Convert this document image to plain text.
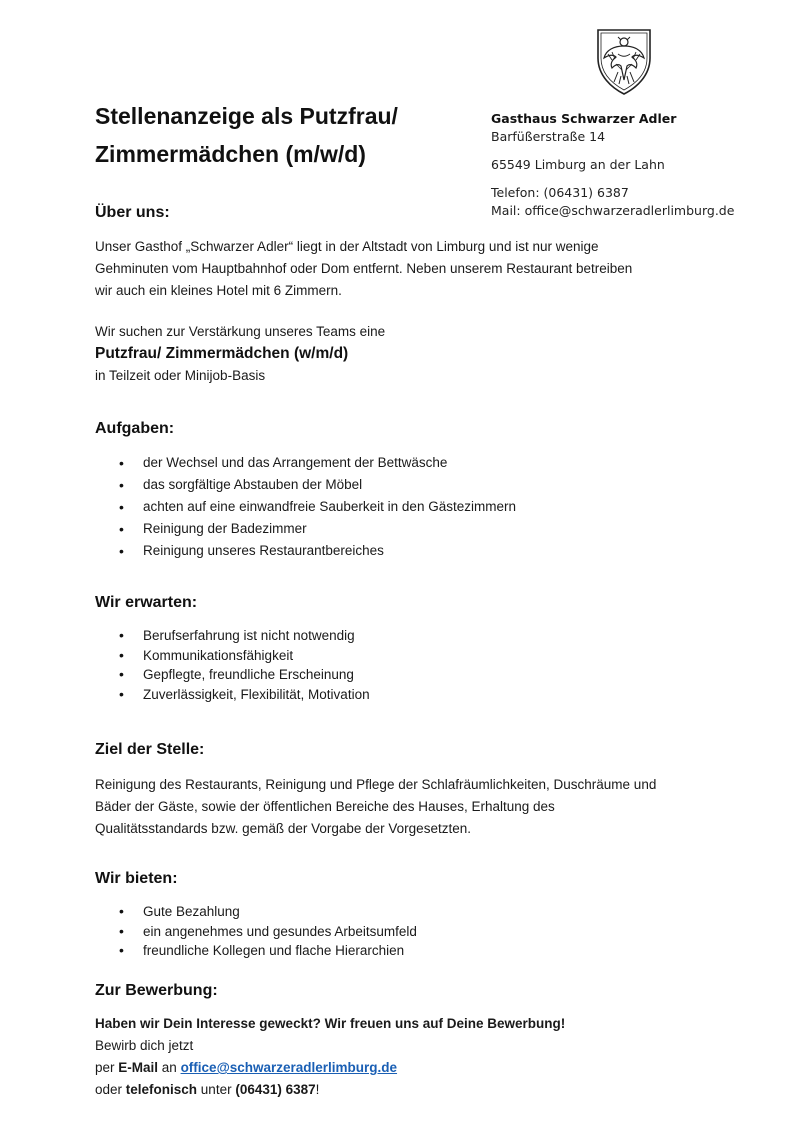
Stellenanzeige als Putzfrau/
Zimmermädchen (m/w/d)
Gasthaus Schwarzer Adler
Barfüßerstraße 14
65549 Limburg an der Lahn
Telefon: (06431) 6387
Mail: office@schwarzeradlerlimburg.de
Über uns:
Unser Gasthof „Schwarzer Adler“ liegt in der Altstadt von Limburg und ist nur wenige
Gehminuten vom Hauptbahnhof oder Dom entfernt. Neben unserem Restaurant betreiben
wir auch ein kleines Hotel mit 6 Zimmern.
Wir suchen zur Verstärkung unseres Teams eine
Putzfrau/ Zimmermädchen (w/m/d)
in Teilzeit oder Minijob-Basis
Aufgaben:
• der Wechsel und das Arrangement der Bettwäsche
• das sorgfältige Abstauben der Möbel
• achten auf eine einwandfreie Sauberkeit in den Gästezimmern
• Reinigung der Badezimmer
• Reinigung unseres Restaurantbereiches
Wir erwarten:
• Berufserfahrung ist nicht notwendig
• Kommunikationsfähigkeit
• Gepflegte, freundliche Erscheinung
• Zuverlässigkeit, Flexibilität, Motivation
Ziel der Stelle:
Reinigung des Restaurants, Reinigung und Pflege der Schlafräumlichkeiten, Duschräume und
Bäder der Gäste, sowie der öffentlichen Bereiche des Hauses, Erhaltung des
Qualitätsstandards bzw. gemäß der Vorgabe der Vorgesetzten.
Wir bieten:
• Gute Bezahlung
• ein angenehmes und gesundes Arbeitsumfeld
• freundliche Kollegen und flache Hierarchien
Zur Bewerbung:
Haben wir Dein Interesse geweckt? Wir freuen uns auf Deine Bewerbung!
Bewirb dich jetzt
per E-Mail an office@schwarzeradlerlimburg.de
oder telefonisch unter (06431) 6387!
